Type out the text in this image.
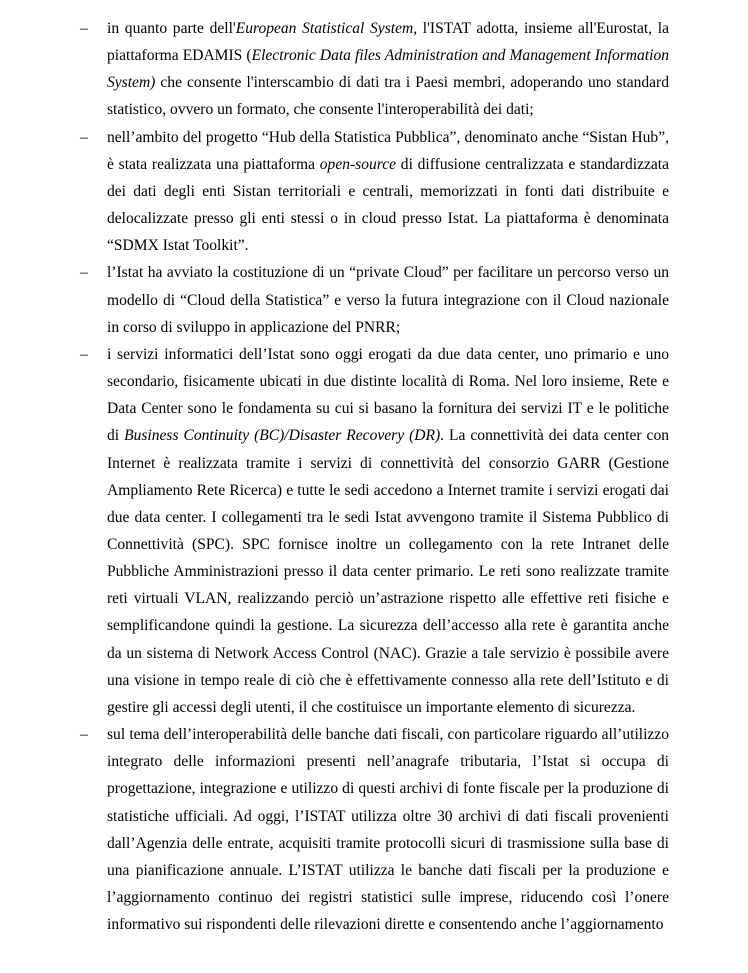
– in quanto parte dell'European Statistical System, l'ISTAT adotta, insieme all'Eurostat, la piattaforma EDAMIS (Electronic Data files Administration and Management Information System) che consente l'interscambio di dati tra i Paesi membri, adoperando uno standard statistico, ovvero un formato, che consente l'interoperabilità dei dati;
– nell’ambito del progetto “Hub della Statistica Pubblica”, denominato anche “Sistan Hub”, è stata realizzata una piattaforma open-source di diffusione centralizzata e standardizzata dei dati degli enti Sistan territoriali e centrali, memorizzati in fonti dati distribuite e delocalizzate presso gli enti stessi o in cloud presso Istat. La piattaforma è denominata “SDMX Istat Toolkit”.
– l’Istat ha avviato la costituzione di un “private Cloud” per facilitare un percorso verso un modello di “Cloud della Statistica” e verso la futura integrazione con il Cloud nazionale in corso di sviluppo in applicazione del PNRR;
– i servizi informatici dell’Istat sono oggi erogati da due data center, uno primario e uno secondario, fisicamente ubicati in due distinte località di Roma. Nel loro insieme, Rete e Data Center sono le fondamenta su cui si basano la fornitura dei servizi IT e le politiche di Business Continuity (BC)/Disaster Recovery (DR). La connettività dei data center con Internet è realizzata tramite i servizi di connettività del consorzio GARR (Gestione Ampliamento Rete Ricerca) e tutte le sedi accedono a Internet tramite i servizi erogati dai due data center. I collegamenti tra le sedi Istat avvengono tramite il Sistema Pubblico di Connettività (SPC). SPC fornisce inoltre un collegamento con la rete Intranet delle Pubbliche Amministrazioni presso il data center primario. Le reti sono realizzate tramite reti virtuali VLAN, realizzando perciò un’astrazione rispetto alle effettive reti fisiche e semplificandone quindi la gestione. La sicurezza dell’accesso alla rete è garantita anche da un sistema di Network Access Control (NAC). Grazie a tale servizio è possibile avere una visione in tempo reale di ciò che è effettivamente connesso alla rete dell’Istituto e di gestire gli accessi degli utenti, il che costituisce un importante elemento di sicurezza.
– sul tema dell’interoperabilità delle banche dati fiscali, con particolare riguardo all’utilizzo integrato delle informazioni presenti nell’anagrafe tributaria, l’Istat si occupa di progettazione, integrazione e utilizzo di questi archivi di fonte fiscale per la produzione di statistiche ufficiali. Ad oggi, l’ISTAT utilizza oltre 30 archivi di dati fiscali provenienti dall’Agenzia delle entrate, acquisiti tramite protocolli sicuri di trasmissione sulla base di una pianificazione annuale. L’ISTAT utilizza le banche dati fiscali per la produzione e l’aggiornamento continuo dei registri statistici sulle imprese, riducendo così l’onere informativo sui rispondenti delle rilevazioni dirette e consentendo anche l’aggiornamento
